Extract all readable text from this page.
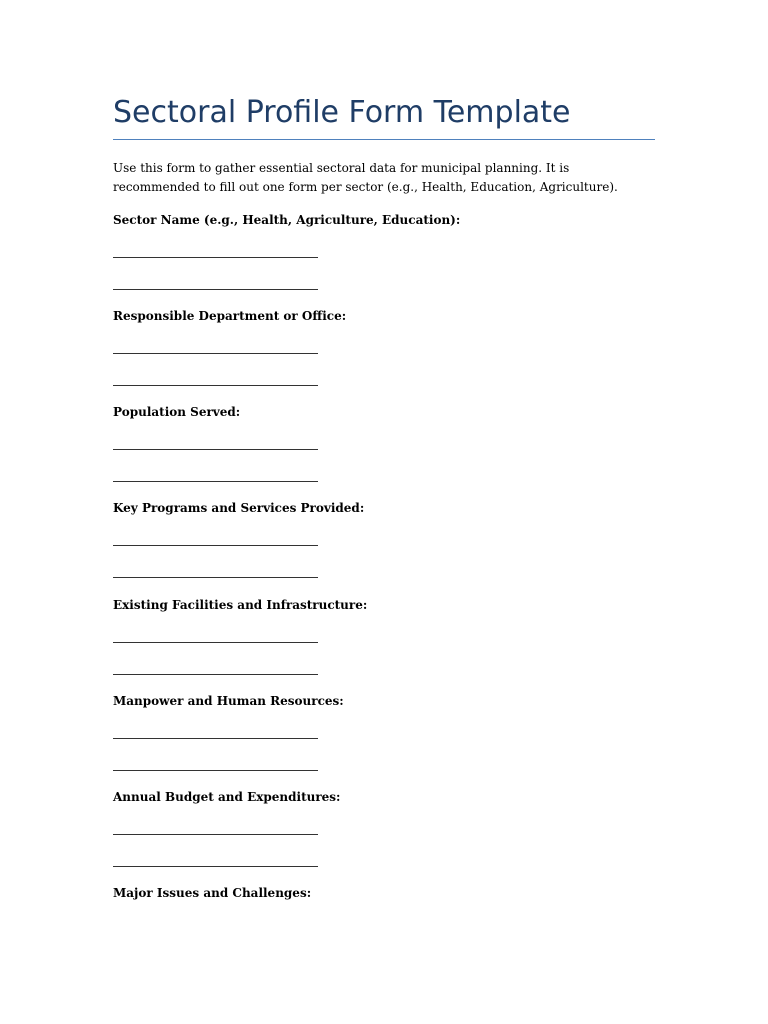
Sectoral Profile Form Template

Use this form to gather essential sectoral data for municipal planning. It is recommended to fill out one form per sector (e.g., Health, Education, Agriculture).

Sector Name (e.g., Health, Agriculture, Education):

Responsible Department or Office:

Population Served:

Key Programs and Services Provided:

Existing Facilities and Infrastructure:

Manpower and Human Resources:

Annual Budget and Expenditures:

Major Issues and Challenges:
